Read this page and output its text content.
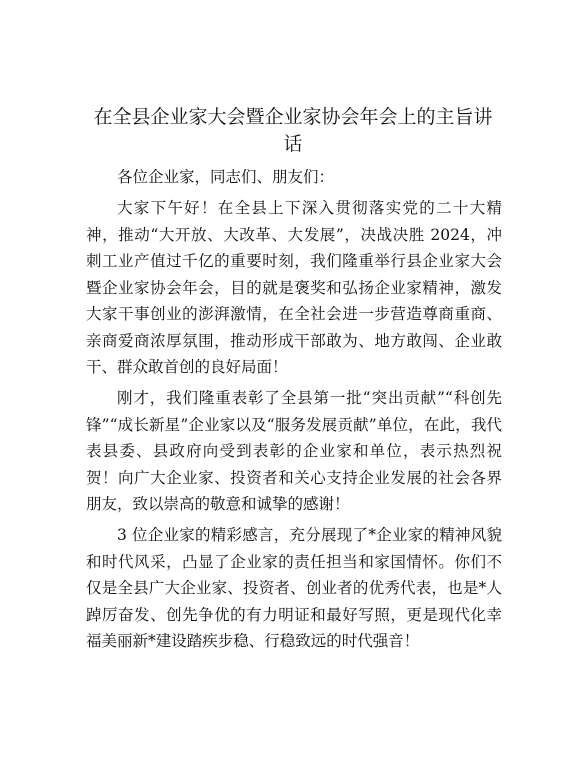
在全县企业家大会暨企业家协会年会上的主旨讲话

各位企业家，同志们、朋友们：

大家下午好！在全县上下深入贯彻落实党的二十大精神，推动“大开放、大改革、大发展”，决战决胜 2024，冲刺工业产值过千亿的重要时刻，我们隆重举行县企业家大会暨企业家协会年会，目的就是褒奖和弘扬企业家精神，激发大家干事创业的澎湃激情，在全社会进一步营造尊商重商、亲商爱商浓厚氛围，推动形成干部敢为、地方敢闯、企业敢干、群众敢首创的良好局面！

刚才，我们隆重表彰了全县第一批“突出贡献”“科创先锋”“成长新星”企业家以及“服务发展贡献”单位，在此，我代表县委、县政府向受到表彰的企业家和单位，表示热烈祝贺！向广大企业家、投资者和关心支持企业发展的社会各界朋友，致以崇高的敬意和诚挚的感谢！

3 位企业家的精彩感言，充分展现了*企业家的精神风貌和时代风采，凸显了企业家的责任担当和家国情怀。你们不仅是全县广大企业家、投资者、创业者的优秀代表，也是*人踔厉奋发、创先争优的有力明证和最好写照，更是现代化幸福美丽新*建设踏疾步稳、行稳致远的时代强音！
